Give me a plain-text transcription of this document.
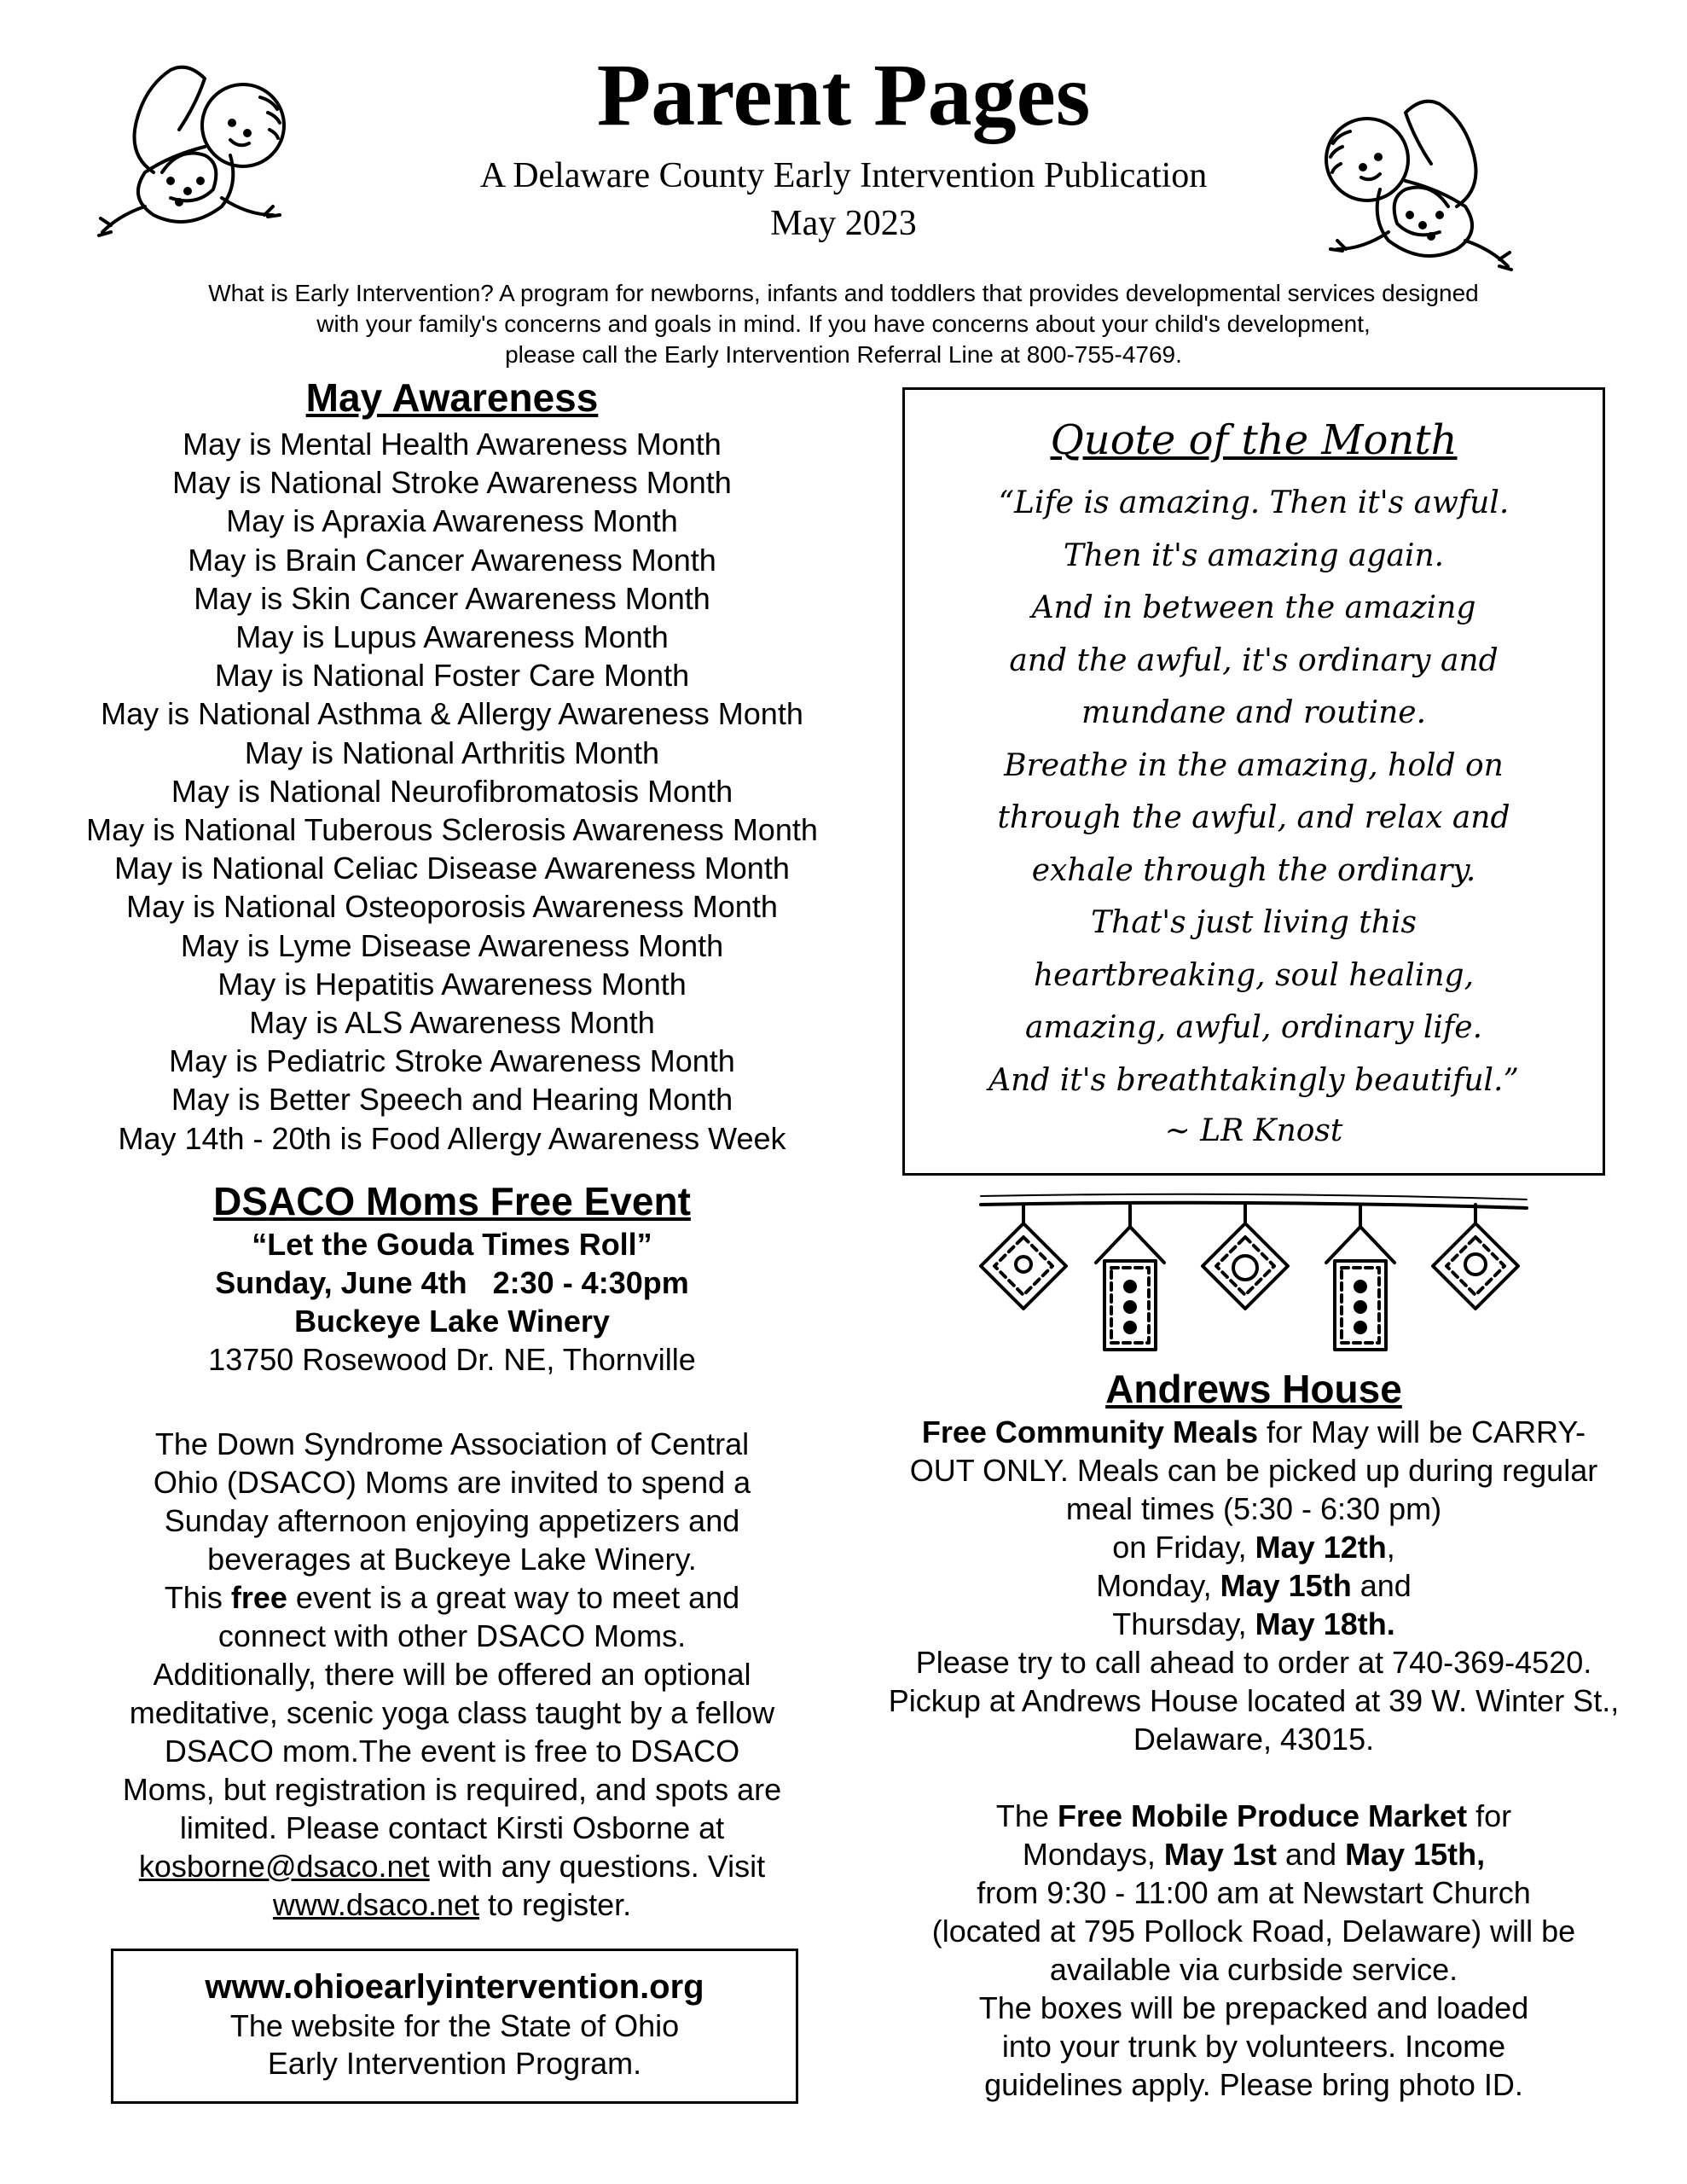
Parent Pages
A Delaware County Early Intervention Publication
May 2023
What is Early Intervention? A program for newborns, infants and toddlers that provides developmental services designed
with your family's concerns and goals in mind. If you have concerns about your child's development,
please call the Early Intervention Referral Line at 800-755-4769.
May Awareness
May is Mental Health Awareness Month
May is National Stroke Awareness Month
May is Apraxia Awareness Month
May is Brain Cancer Awareness Month
May is Skin Cancer Awareness Month
May is Lupus Awareness Month
May is National Foster Care Month
May is National Asthma & Allergy Awareness Month
May is National Arthritis Month
May is National Neurofibromatosis Month
May is National Tuberous Sclerosis Awareness Month
May is National Celiac Disease Awareness Month
May is National Osteoporosis Awareness Month
May is Lyme Disease Awareness Month
May is Hepatitis Awareness Month
May is ALS Awareness Month
May is Pediatric Stroke Awareness Month
May is Better Speech and Hearing Month
May 14th - 20th is Food Allergy Awareness Week
DSACO Moms Free Event
“Let the Gouda Times Roll”
Sunday, June 4th   2:30 - 4:30pm
Buckeye Lake Winery
13750 Rosewood Dr. NE, Thornville
The Down Syndrome Association of Central Ohio (DSACO) Moms are invited to spend a Sunday afternoon enjoying appetizers and beverages at Buckeye Lake Winery.
This free event is a great way to meet and connect with other DSACO Moms.
Additionally, there will be offered an optional meditative, scenic yoga class taught by a fellow DSACO mom.The event is free to DSACO Moms, but registration is required, and spots are limited. Please contact Kirsti Osborne at kosborne@dsaco.net with any questions. Visit www.dsaco.net to register.
www.ohioearlyintervention.org
The website for the State of Ohio
Early Intervention Program.
Quote of the Month
“Life is amazing. Then it's awful.
Then it's amazing again.
And in between the amazing
and the awful, it's ordinary and
mundane and routine.
Breathe in the amazing, hold on
through the awful, and relax and
exhale through the ordinary.
That's just living this
heartbreaking, soul healing,
amazing, awful, ordinary life.
And it's breathtakingly beautiful.”
~ LR Knost
Andrews House
Free Community Meals for May will be CARRY-OUT ONLY. Meals can be picked up during regular meal times (5:30 - 6:30 pm)
on Friday, May 12th,
Monday, May 15th and
Thursday, May 18th.
Please try to call ahead to order at 740-369-4520. Pickup at Andrews House located at 39 W. Winter St., Delaware, 43015.
The Free Mobile Produce Market for
Mondays, May 1st and May 15th,
from 9:30 - 11:00 am at Newstart Church (located at 795 Pollock Road, Delaware) will be available via curbside service.
The boxes will be prepacked and loaded into your trunk by volunteers. Income guidelines apply. Please bring photo ID.
